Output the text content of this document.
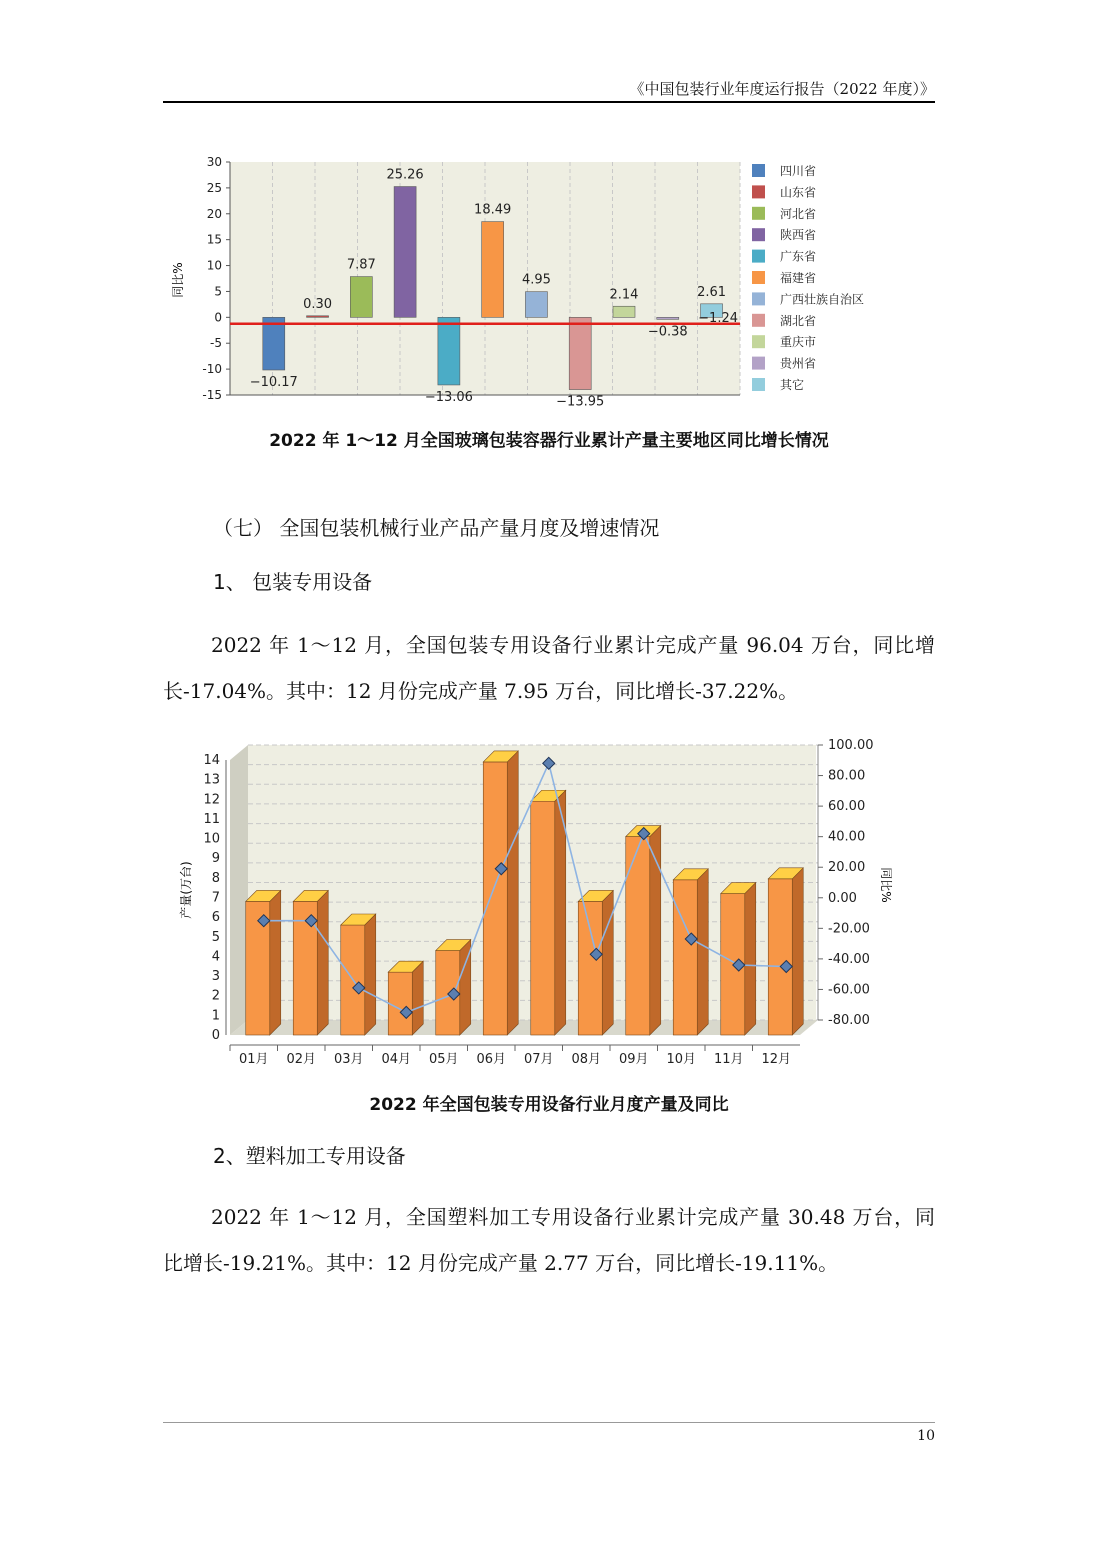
《中国包装行业年度运行报告（2022 年度）》
30
25
20
15
10
5
0
-5
-10
-15
−10.17
0.30
7.87
25.26
−13.06
18.49
4.95
−13.95
2.14
−0.38
2.61
−1.24
四川省
山东省
河北省
陕西省
广东省
福建省
广西壮族自治区
湖北省
重庆市
贵州省
其它
同比%
2022 年 1～12 月全国玻璃包装容器行业累计产量主要地区同比增长情况
（七） 全国包装机械行业产品产量月度及增速情况
1、 包装专用设备
2022 年 1～12 月，全国包装专用设备行业累计完成产量 96.04 万台，同比增
长-17.04%。其中：12 月份完成产量 7.95 万台，同比增长-37.22%。
14
13
12
11
10
9
8
7
6
5
4
3
2
1
0
100.00
80.00
60.00
40.00
20.00
0.00
-20.00
-40.00
-60.00
-80.00
01月 02月 03月 04月 05月 06月 07月 08月 09月 10月 11月 12月
产量(万台)	同比%
2022 年全国包装专用设备行业月度产量及同比
2、塑料加工专用设备
2022 年 1～12 月，全国塑料加工专用设备行业累计完成产量 30.48 万台，同
比增长-19.21%。其中：12 月份完成产量 2.77 万台，同比增长-19.11%。
10
